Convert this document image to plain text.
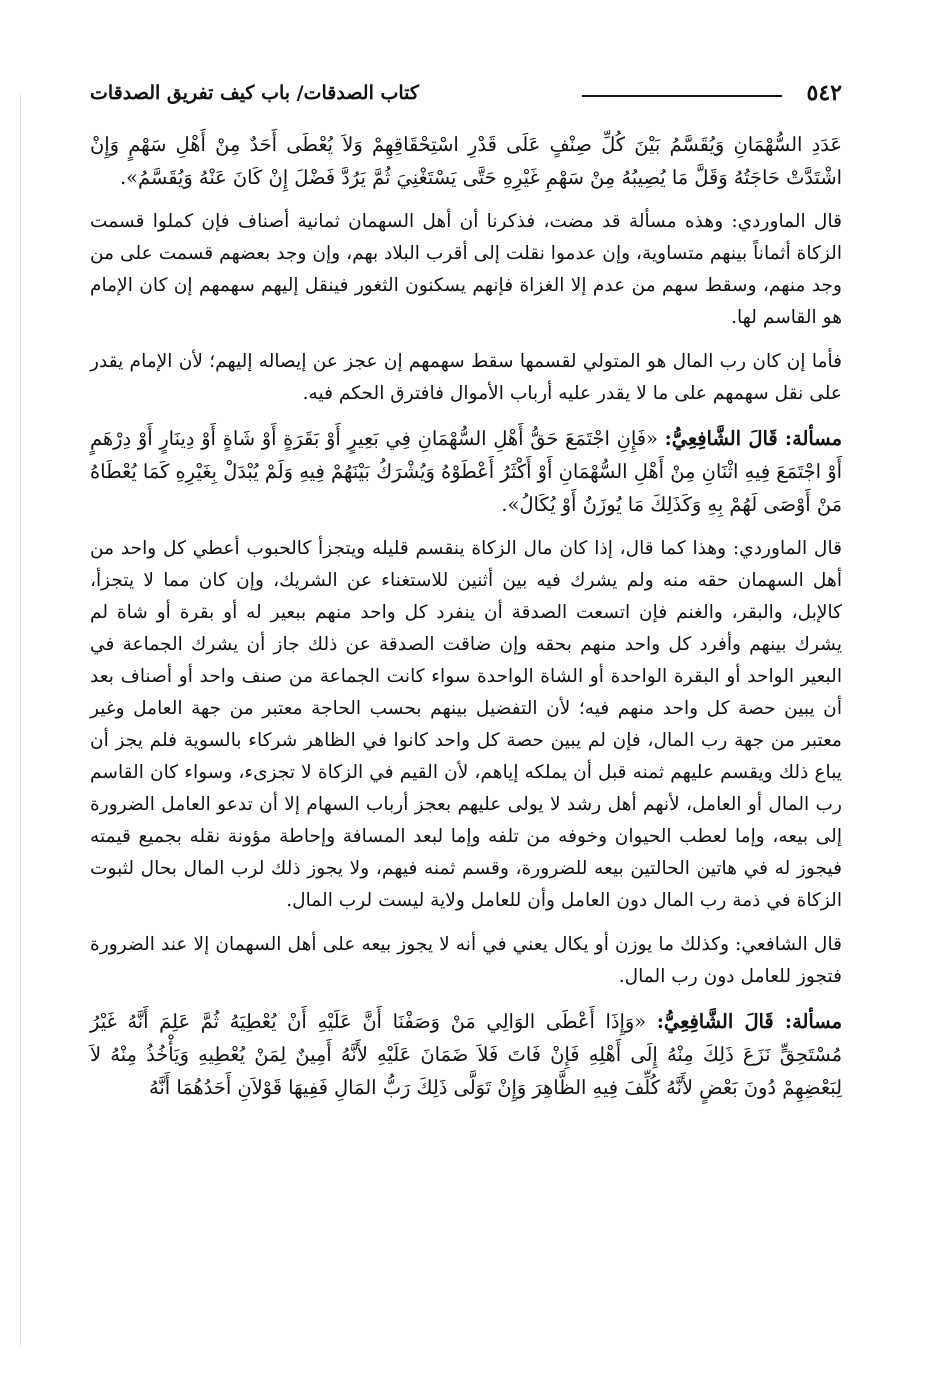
٥٤٢
كتاب الصدقات/ باب كيف تفريق الصدقات

عَدَدِ السُّهْمَانِ وَيُقَسَّمُ بَيْنَ كُلِّ صِنْفٍ عَلَى قَدْرِ اسْتِحْقَاقِهِمْ وَلاَ يُعْطَى أَحَدٌ مِنْ أَهْلِ سَهْمٍ وَإِنْ اشْتَدَّتْ حَاجَتُهُ وَقَلَّ مَا يُصِيبُهُ مِنْ سَهْمِ غَيْرِهِ حَتَّى يَسْتَغْنِيَ ثُمَّ يَرُدَّ فَضْلَ إِنْ كَانَ عَنْهُ وَيُقَسَّمُ».

قال الماوردي: وهذه مسألة قد مضت، فذكرنا أن أهل السهمان ثمانية أصناف فإن كملوا قسمت الزكاة أثماناً بينهم متساوية، وإن عدموا نقلت إلى أقرب البلاد بهم، وإن وجد بعضهم قسمت على من وجد منهم، وسقط سهم من عدم إلا الغزاة فإنهم يسكنون الثغور فينقل إليهم سهمهم إن كان الإمام هو القاسم لها.

فأما إن كان رب المال هو المتولي لقسمها سقط سهمهم إن عجز عن إيصاله إليهم؛ لأن الإمام يقدر على نقل سهمهم على ما لا يقدر عليه أرباب الأموال فافترق الحكم فيه.

مسألة: قَالَ الشَّافِعِيُّ: «فَإِنِ اجْتَمَعَ حَقُّ أَهْلِ السُّهْمَانِ فِي بَعِيرٍ أَوْ بَقَرَةٍ أَوْ شَاةٍ أَوْ دِينَارٍ أَوْ دِرْهَمٍ أَوْ اجْتَمَعَ فِيهِ اثْنَانِ مِنْ أَهْلِ السُّهْمَانِ أَوْ أَكْثَرُ أَعْطَوْهُ وَيُشْرَكُ بَيْنَهُمْ فِيهِ وَلَمْ يُبْدَلْ بِغَيْرِهِ كَمَا يُعْطَاهُ مَنْ أَوْصَى لَهُمْ بِهِ وَكَذَلِكَ مَا يُوزَنُ أَوْ يُكَالُ».

قال الماوردي: وهذا كما قال، إذا كان مال الزكاة ينقسم قليله ويتجزأ كالحبوب أعطي كل واحد من أهل السهمان حقه منه ولم يشرك فيه بين أثنين للاستغناء عن الشريك، وإن كان مما لا يتجزأ، كالإبل، والبقر، والغنم فإن اتسعت الصدقة أن ينفرد كل واحد منهم ببعير له أو بقرة أو شاة لم يشرك بينهم وأفرد كل واحد منهم بحقه وإن ضاقت الصدقة عن ذلك جاز أن يشرك الجماعة في البعير الواحد أو البقرة الواحدة أو الشاة الواحدة سواء كانت الجماعة من صنف واحد أو أصناف بعد أن يبين حصة كل واحد منهم فيه؛ لأن التفضيل بينهم بحسب الحاجة معتبر من جهة العامل وغير معتبر من جهة رب المال، فإن لم يبين حصة كل واحد كانوا في الظاهر شركاء بالسوية فلم يجز أن يباع ذلك ويقسم عليهم ثمنه قبل أن يملكه إياهم، لأن القيم في الزكاة لا تجزىء، وسواء كان القاسم رب المال أو العامل، لأنهم أهل رشد لا يولى عليهم بعجز أرباب السهام إلا أن تدعو العامل الضرورة إلى بيعه، وإما لعطب الحيوان وخوفه من تلفه وإما لبعد المسافة وإحاطة مؤونة نقله بجميع قيمته فيجوز له في هاتين الحالتين بيعه للضرورة، وقسم ثمنه فيهم، ولا يجوز ذلك لرب المال بحال لثبوت الزكاة في ذمة رب المال دون العامل وأن للعامل ولاية ليست لرب المال.

قال الشافعي: وكذلك ما يوزن أو يكال يعني في أنه لا يجوز بيعه على أهل السهمان إلا عند الضرورة فتجوز للعامل دون رب المال.

مسألة: قَالَ الشَّافِعِيُّ: «وَإِذَا أَعْطَى الوَالِي مَنْ وَصَفْنَا أَنَّ عَلَيْهِ أَنْ يُعْطِيَهُ ثُمَّ عَلِمَ أَنَّهُ غَيْرُ مُسْتَحِقٍّ نَزَعَ ذَلِكَ مِنْهُ إِلَى أَهْلِهِ فَإِنْ فَاتَ فَلاَ ضَمَانَ عَلَيْهِ لأَنَّهُ أَمِينٌ لِمَنْ يُعْطِيهِ وَيَأْخُذُ مِنْهُ لاَ لِبَعْضِهِمْ دُونَ بَعْضٍ لأَنَّهُ كُلِّفَ فِيهِ الظَّاهِرَ وَإِنْ تَوَلَّى ذَلِكَ رَبُّ المَالِ فَفِيهَا قَوْلاَنِ أَحَدُهُمَا أَنَّهُ
